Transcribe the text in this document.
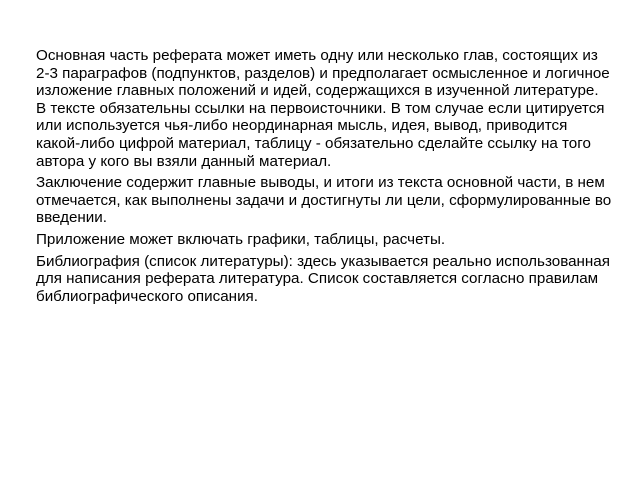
Основная часть реферата может иметь одну или несколько глав, состоящих из 2-3 параграфов (подпунктов, разделов) и предполагает осмысленное и логичное изложение главных положений и идей, содержащихся в изученной литературе. В тексте обязательны ссылки на первоисточники. В том случае если цитируется или используется чья-либо неординарная мысль, идея, вывод, приводится какой-либо цифрой материал, таблицу - обязательно сделайте ссылку на того автора у кого вы взяли данный материал.

Заключение содержит главные выводы, и итоги из текста основной части, в нем отмечается, как выполнены задачи и достигнуты ли цели, сформулированные во введении.

Приложение может включать графики, таблицы, расчеты.

Библиография (список литературы): здесь указывается реально использованная для написания реферата литература. Список составляется согласно правилам библиографического описания.
